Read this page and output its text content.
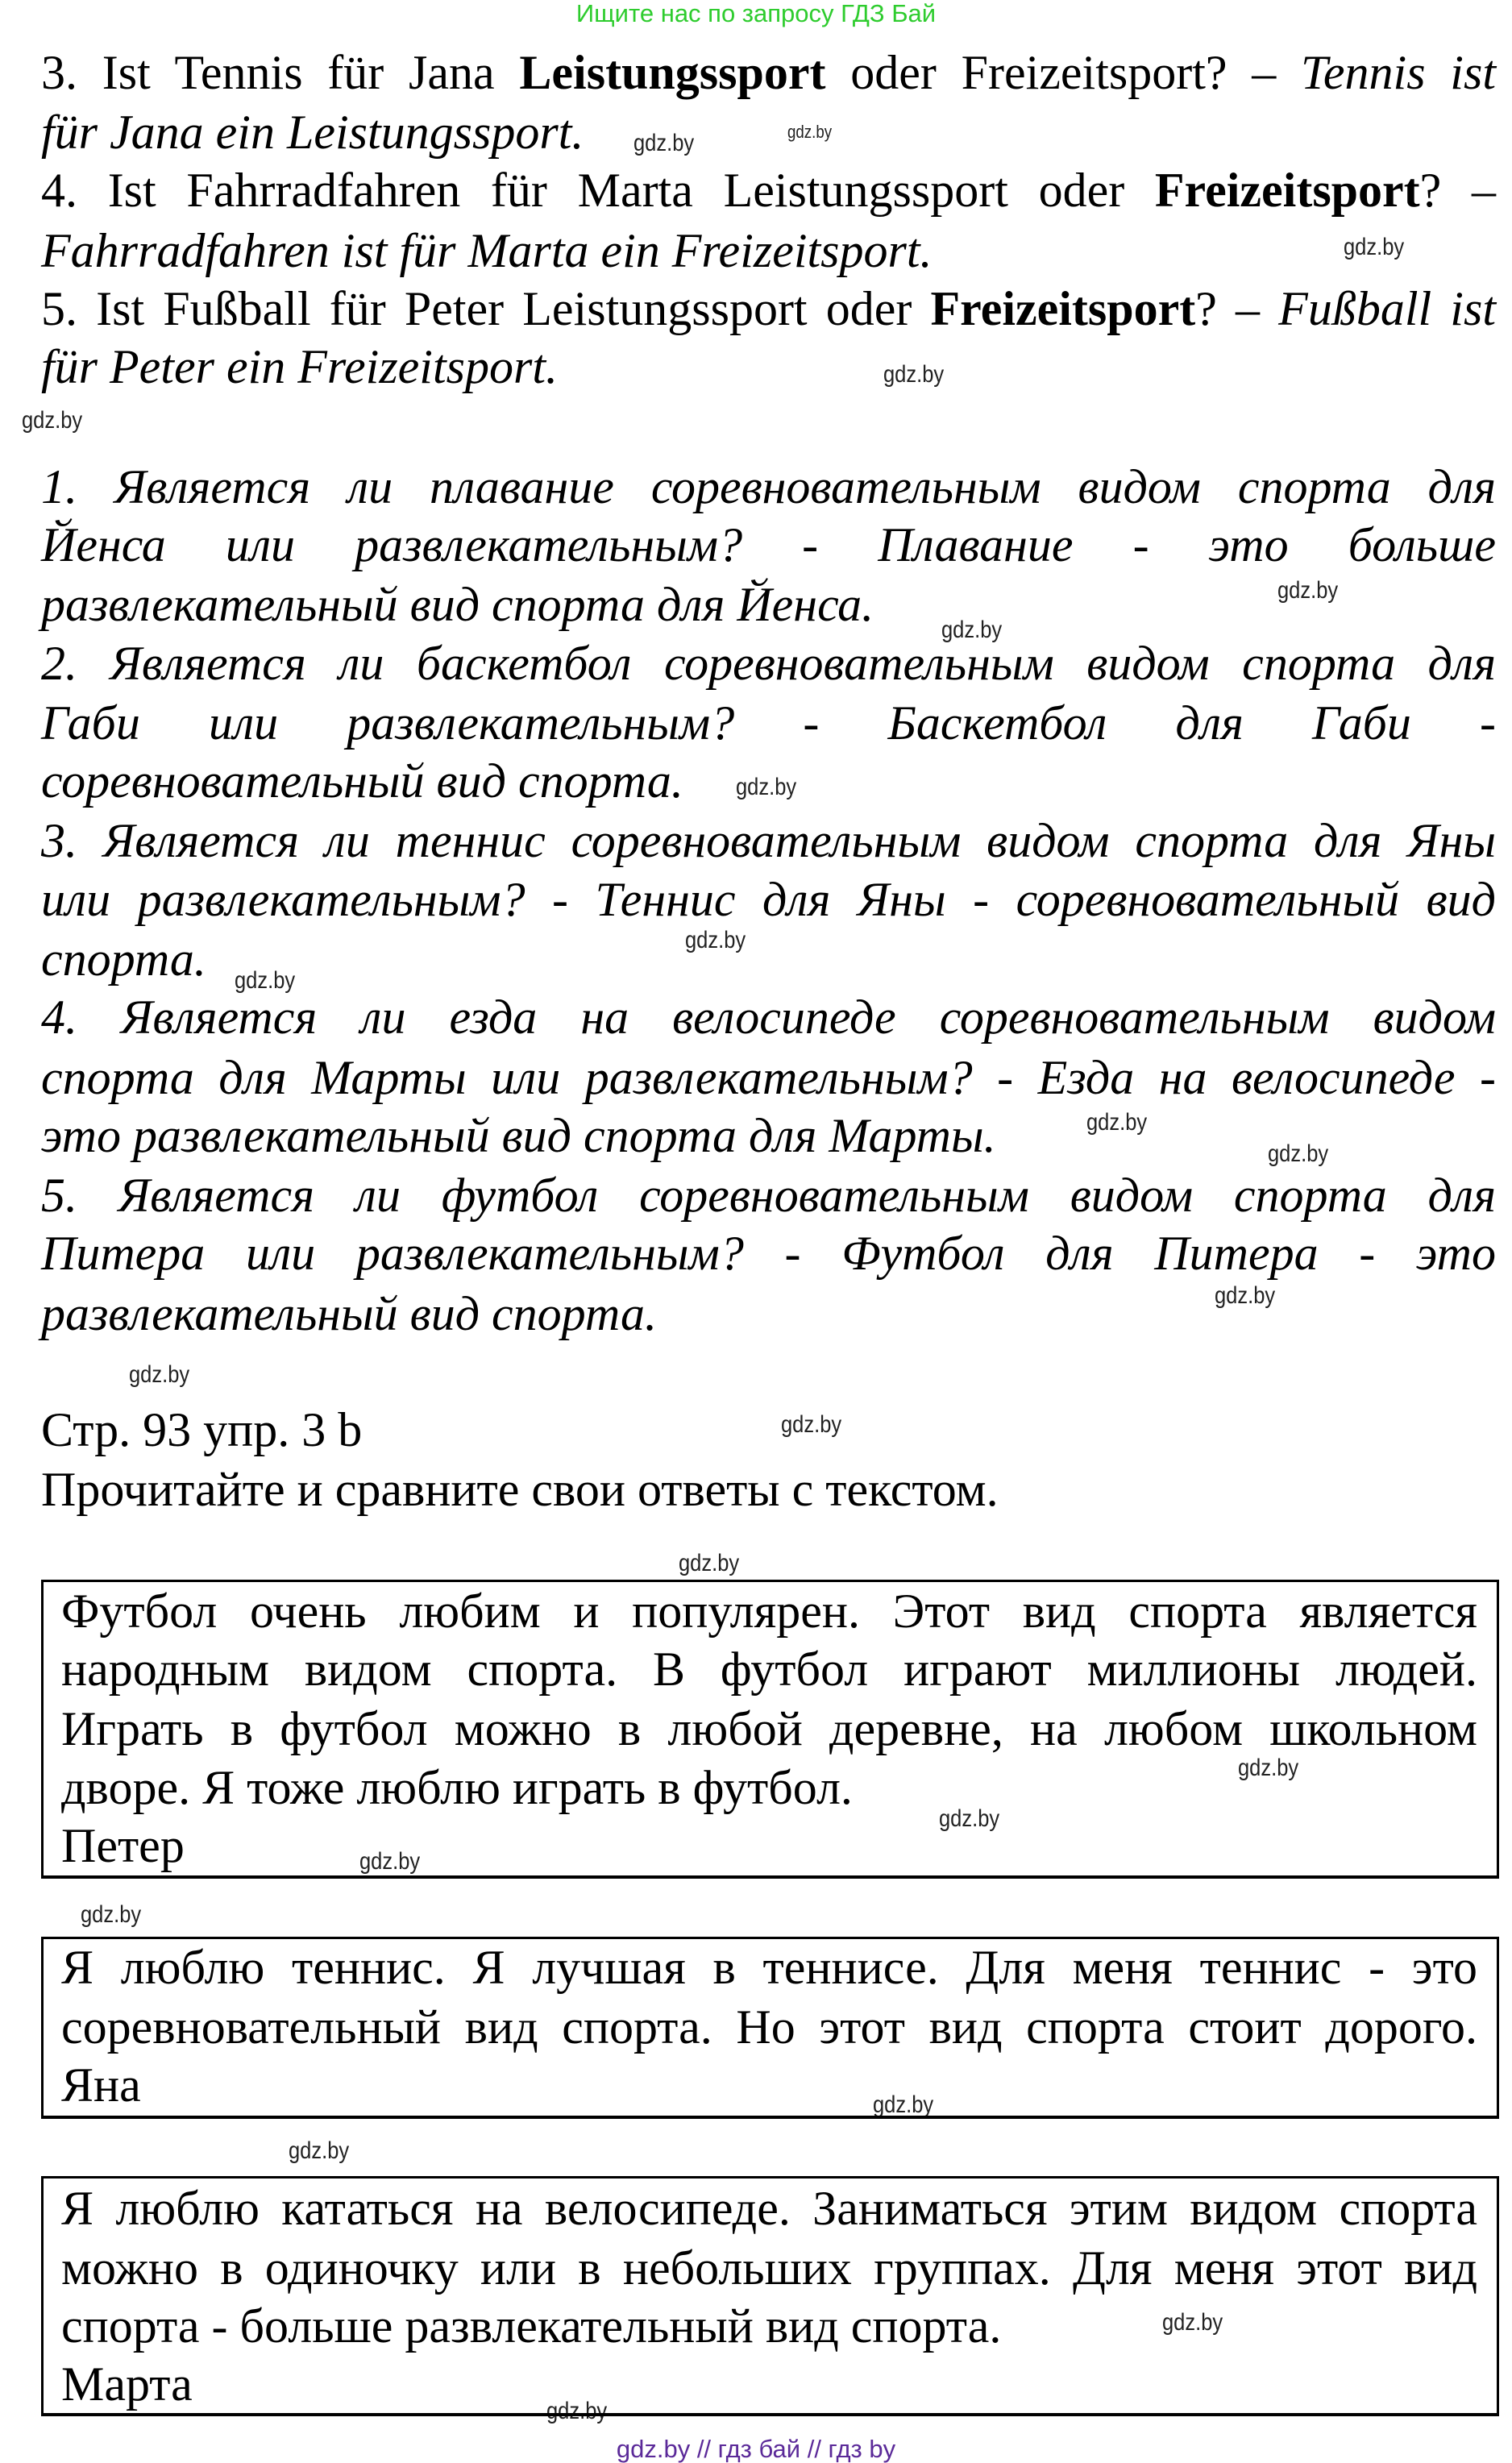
Ищите нас по запросу ГДЗ Бай
3. Ist Tennis für Jana Leistungssport oder Freizeitsport? – Tennis ist
für Jana ein Leistungssport.
4. Ist Fahrradfahren für Marta Leistungssport oder Freizeitsport? –
Fahrradfahren ist für Marta ein Freizeitsport.
5. Ist Fußball für Peter Leistungssport oder Freizeitsport? – Fußball ist
für Peter ein Freizeitsport.
1. Является ли плавание соревновательным видом спорта для
Йенса или развлекательным? - Плавание - это больше
развлекательный вид спорта для Йенса.
2. Является ли баскетбол соревновательным видом спорта для
Габи или развлекательным? - Баскетбол для Габи -
соревновательный вид спорта.
3. Является ли теннис соревновательным видом спорта для Яны
или развлекательным? - Теннис для Яны - соревновательный вид
спорта.
4. Является ли езда на велосипеде соревновательным видом
спорта для Марты или развлекательным? - Езда на велосипеде -
это развлекательный вид спорта для Марты.
5. Является ли футбол соревновательным видом спорта для
Питера или развлекательным? - Футбол для Питера - это
развлекательный вид спорта.
Стр. 93 упр. 3 b
Прочитайте и сравните свои ответы с текстом.
Футбол очень любим и популярен. Этот вид спорта является
народным видом спорта. В футбол играют миллионы людей.
Играть в футбол можно в любой деревне, на любом школьном
дворе. Я тоже люблю играть в футбол.
Петер
Я люблю теннис. Я лучшая в теннисе. Для меня теннис - это
соревновательный вид спорта. Но этот вид спорта стоит дорого.
Яна
Я люблю кататься на велосипеде. Заниматься этим видом спорта
можно в одиночку или в небольших группах. Для меня этот вид
спорта - больше развлекательный вид спорта.
Марта
gdz.by
gdz.by
gdz.by
gdz.by
gdz.by
gdz.by
gdz.by
gdz.by
gdz.by
gdz.by
gdz.by
gdz.by
gdz.by
gdz.by
gdz.by
gdz.by
gdz.by
gdz.by
gdz.by
gdz.by
gdz.by
gdz.by
gdz.by
gdz.by
gdz.by // гдз бай // гдз by
